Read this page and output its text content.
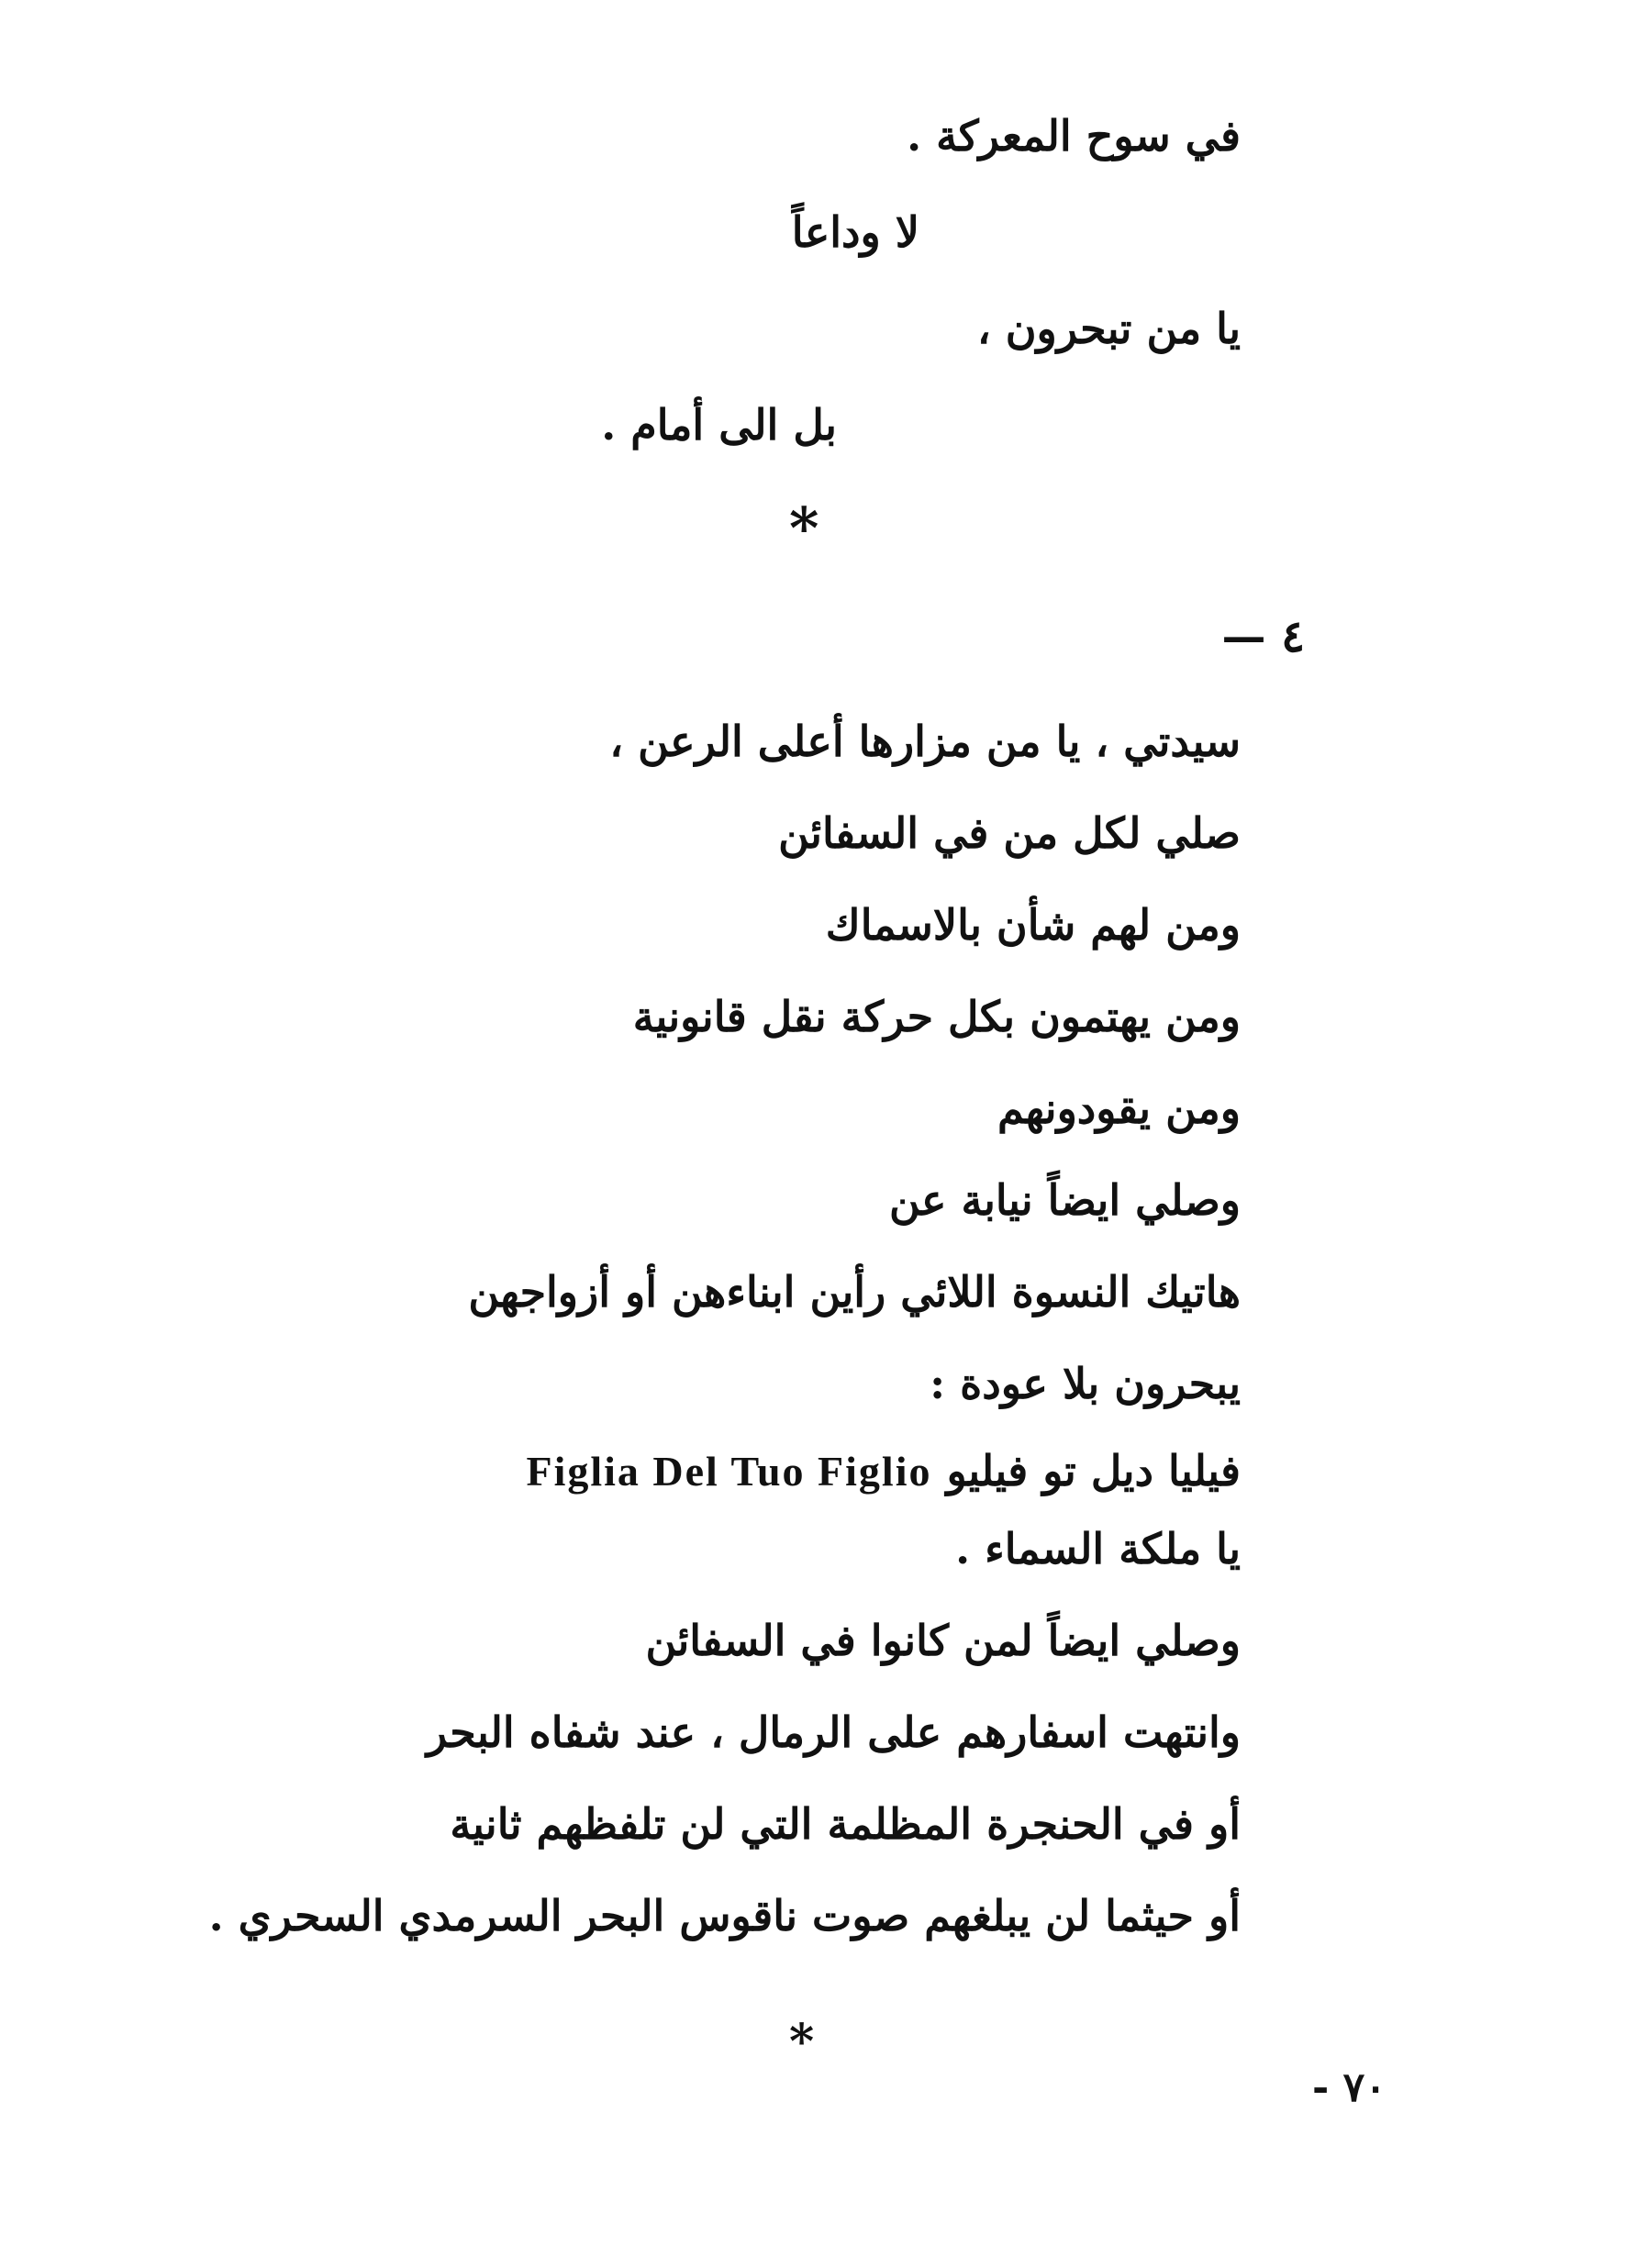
في سوح المعركة .
لا وداعاً
يا من تبحرون ،
بل الى أمام .
*
٤ —
سيدتي ، يا من مزارها أعلى الرعن ،
صلي لكل من في السفائن
ومن لهم شأن بالاسماك
ومن يهتمون بكل حركة نقل قانونية
ومن يقودونهم
وصلي ايضاً نيابة عن
هاتيك النسوة اللائي رأين ابناءهن أو أزواجهن
يبحرون بلا عودة :
فيليا ديل تو فيليو Figlia Del Tuo Figlio
يا ملكة السماء .
وصلي ايضاً لمن كانوا في السفائن
وانتهت اسفارهم على الرمال ، عند شفاه البحر
أو في الحنجرة المظلمة التي لن تلفظهم ثانية
أو حيثما لن يبلغهم صوت ناقوس البحر السرمدي السحري .
*
٧٠ -
